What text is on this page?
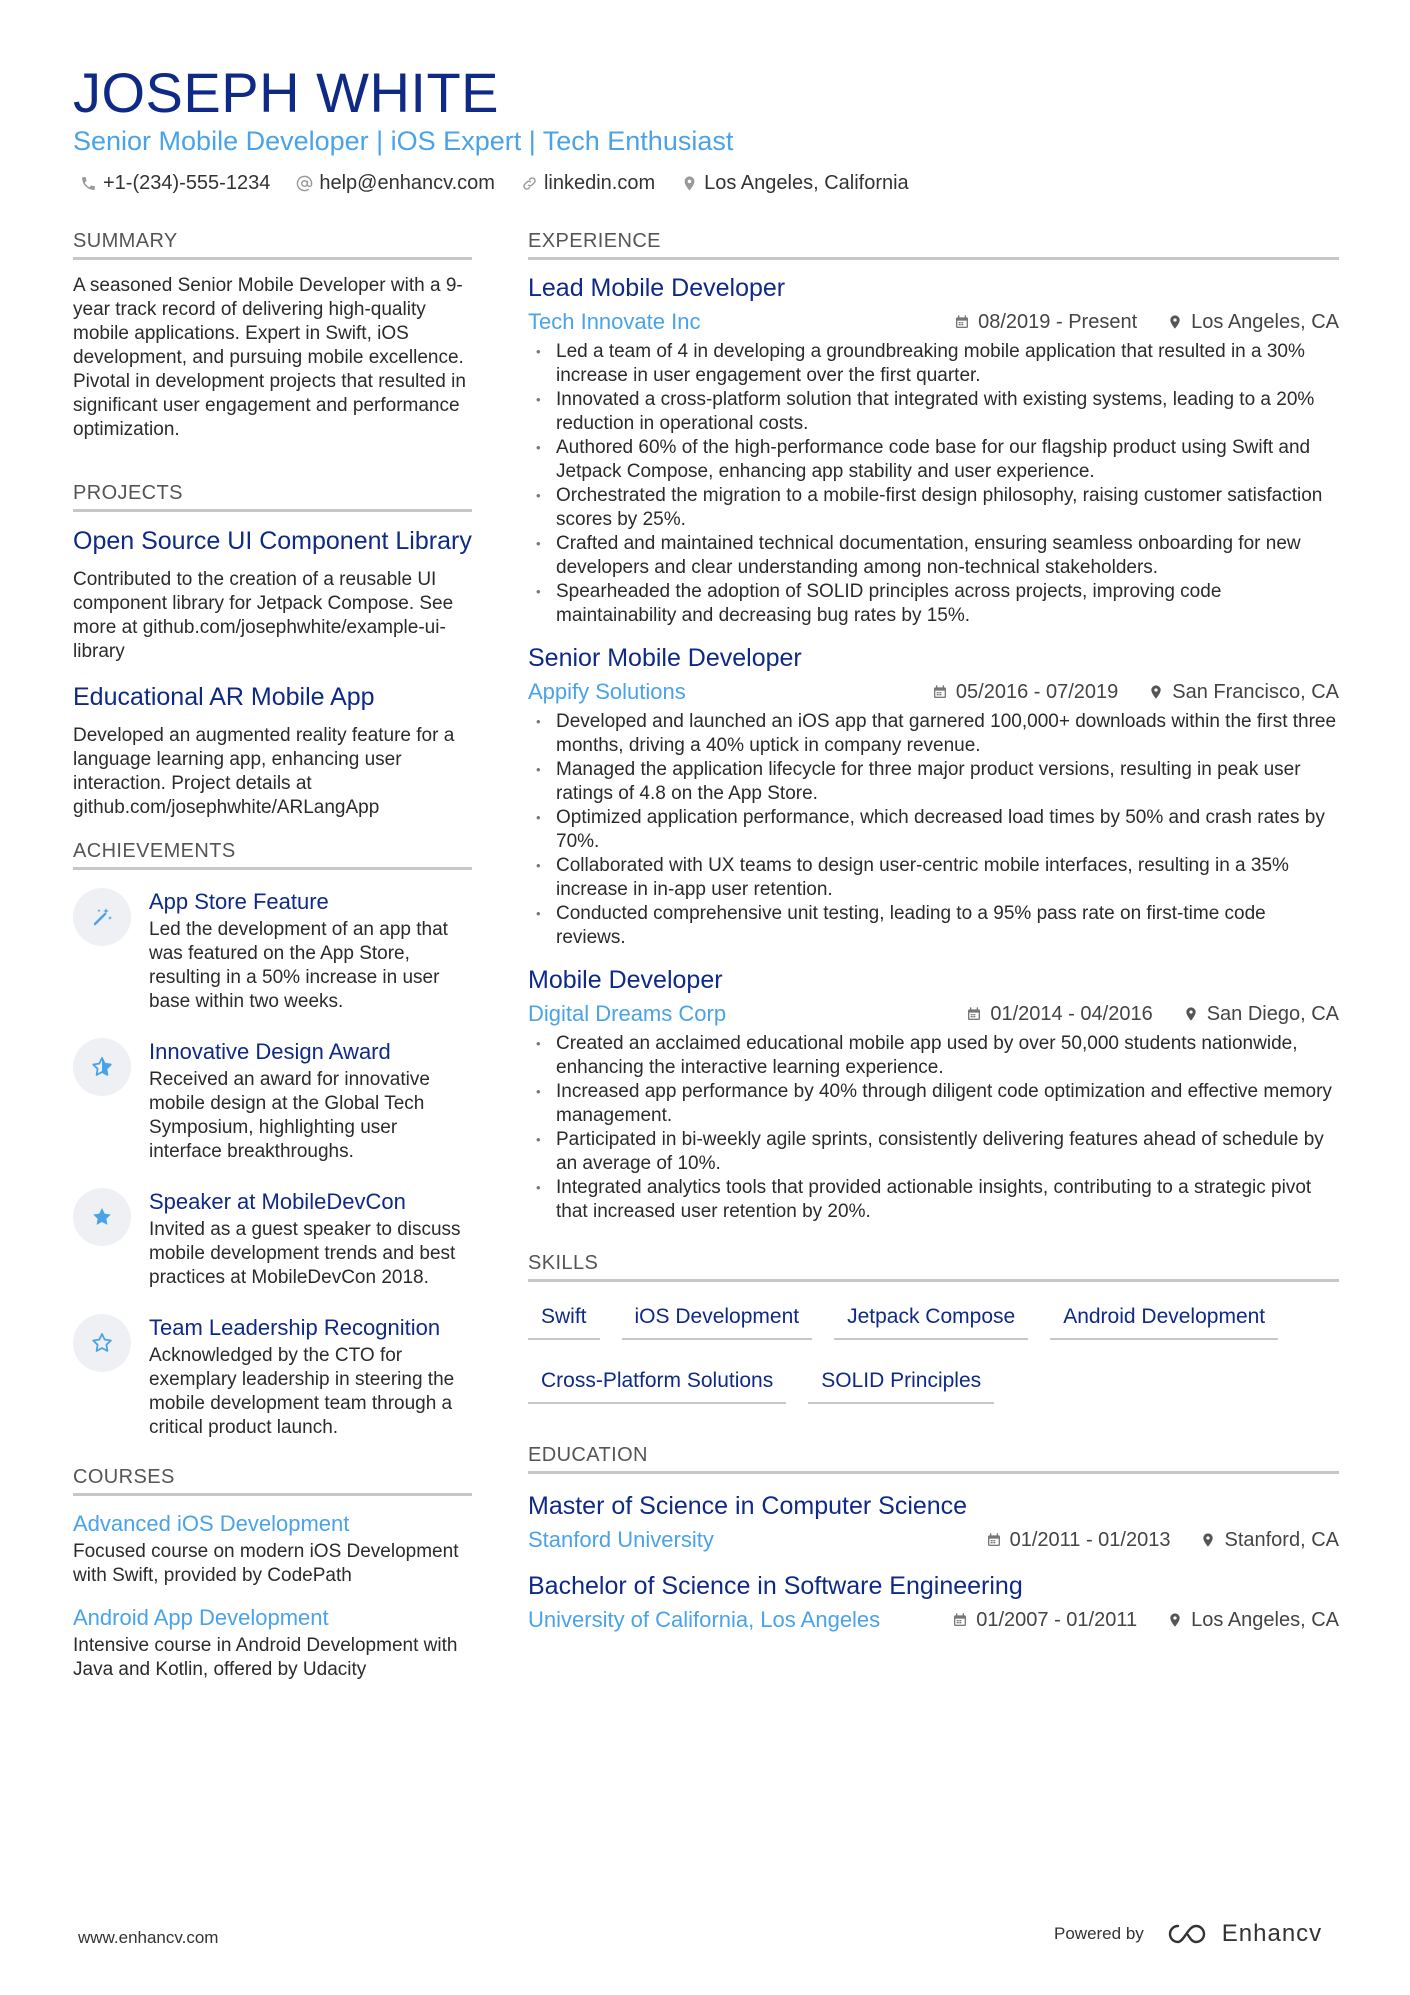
JOSEPH WHITE
Senior Mobile Developer | iOS Expert | Tech Enthusiast
+1-(234)-555-1234 help@enhancv.com linkedin.com Los Angeles, California
SUMMARY
A seasoned Senior Mobile Developer with a 9-year track record of delivering high-quality mobile applications. Expert in Swift, iOS development, and pursuing mobile excellence. Pivotal in development projects that resulted in significant user engagement and performance optimization.
PROJECTS
Open Source UI Component Library
Contributed to the creation of a reusable UI component library for Jetpack Compose. See more at github.com/josephwhite/example-ui-library
Educational AR Mobile App
Developed an augmented reality feature for a language learning app, enhancing user interaction. Project details at github.com/josephwhite/ARLangApp
ACHIEVEMENTS
App Store Feature
Led the development of an app that was featured on the App Store, resulting in a 50% increase in user base within two weeks.
Innovative Design Award
Received an award for innovative mobile design at the Global Tech Symposium, highlighting user interface breakthroughs.
Speaker at MobileDevCon
Invited as a guest speaker to discuss mobile development trends and best practices at MobileDevCon 2018.
Team Leadership Recognition
Acknowledged by the CTO for exemplary leadership in steering the mobile development team through a critical product launch.
COURSES
Advanced iOS Development
Focused course on modern iOS Development with Swift, provided by CodePath
Android App Development
Intensive course in Android Development with Java and Kotlin, offered by Udacity
EXPERIENCE
Lead Mobile Developer
Tech Innovate Inc	08/2019 - Present	Los Angeles, CA
• Led a team of 4 in developing a groundbreaking mobile application that resulted in a 30% increase in user engagement over the first quarter.
• Innovated a cross-platform solution that integrated with existing systems, leading to a 20% reduction in operational costs.
• Authored 60% of the high-performance code base for our flagship product using Swift and Jetpack Compose, enhancing app stability and user experience.
• Orchestrated the migration to a mobile-first design philosophy, raising customer satisfaction scores by 25%.
• Crafted and maintained technical documentation, ensuring seamless onboarding for new developers and clear understanding among non-technical stakeholders.
• Spearheaded the adoption of SOLID principles across projects, improving code maintainability and decreasing bug rates by 15%.
Senior Mobile Developer
Appify Solutions	05/2016 - 07/2019	San Francisco, CA
• Developed and launched an iOS app that garnered 100,000+ downloads within the first three months, driving a 40% uptick in company revenue.
• Managed the application lifecycle for three major product versions, resulting in peak user ratings of 4.8 on the App Store.
• Optimized application performance, which decreased load times by 50% and crash rates by 70%.
• Collaborated with UX teams to design user-centric mobile interfaces, resulting in a 35% increase in in-app user retention.
• Conducted comprehensive unit testing, leading to a 95% pass rate on first-time code reviews.
Mobile Developer
Digital Dreams Corp	01/2014 - 04/2016	San Diego, CA
• Created an acclaimed educational mobile app used by over 50,000 students nationwide, enhancing the interactive learning experience.
• Increased app performance by 40% through diligent code optimization and effective memory management.
• Participated in bi-weekly agile sprints, consistently delivering features ahead of schedule by an average of 10%.
• Integrated analytics tools that provided actionable insights, contributing to a strategic pivot that increased user retention by 20%.
SKILLS
Swift	iOS Development	Jetpack Compose	Android Development
Cross-Platform Solutions	SOLID Principles
EDUCATION
Master of Science in Computer Science
Stanford University	01/2011 - 01/2013	Stanford, CA
Bachelor of Science in Software Engineering
University of California, Los Angeles	01/2007 - 01/2011	Los Angeles, CA
www.enhancv.com	Powered by	Enhancv
